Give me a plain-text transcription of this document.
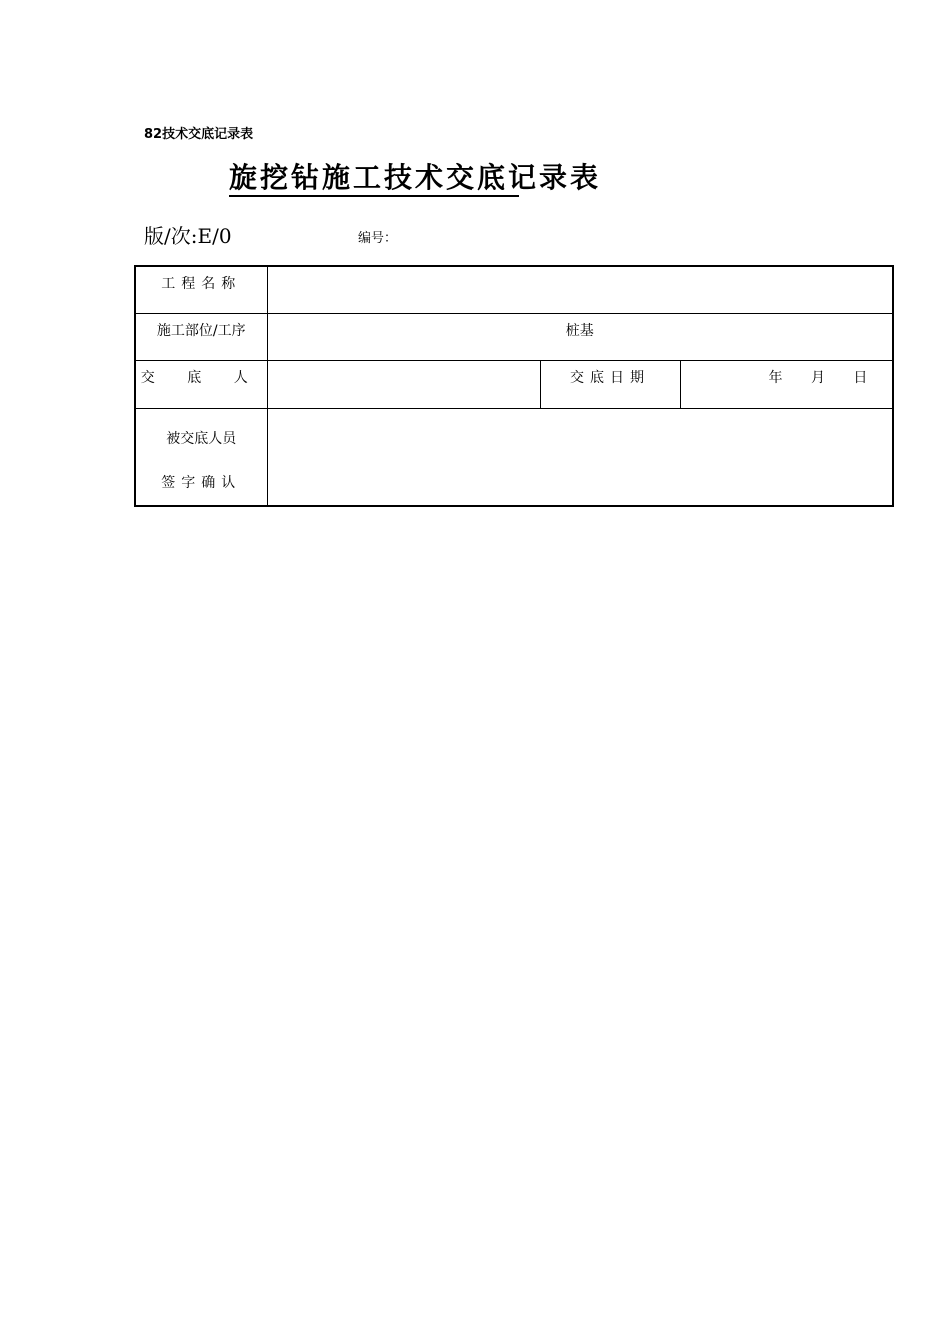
82技术交底记录表
旋挖钻施工技术交底记录表
版/次:E/0	编号：
工程名称			

施工部位/工序	桩基		

交 底 人		交底日期	年 月 日

被交底人员
签字确认			
